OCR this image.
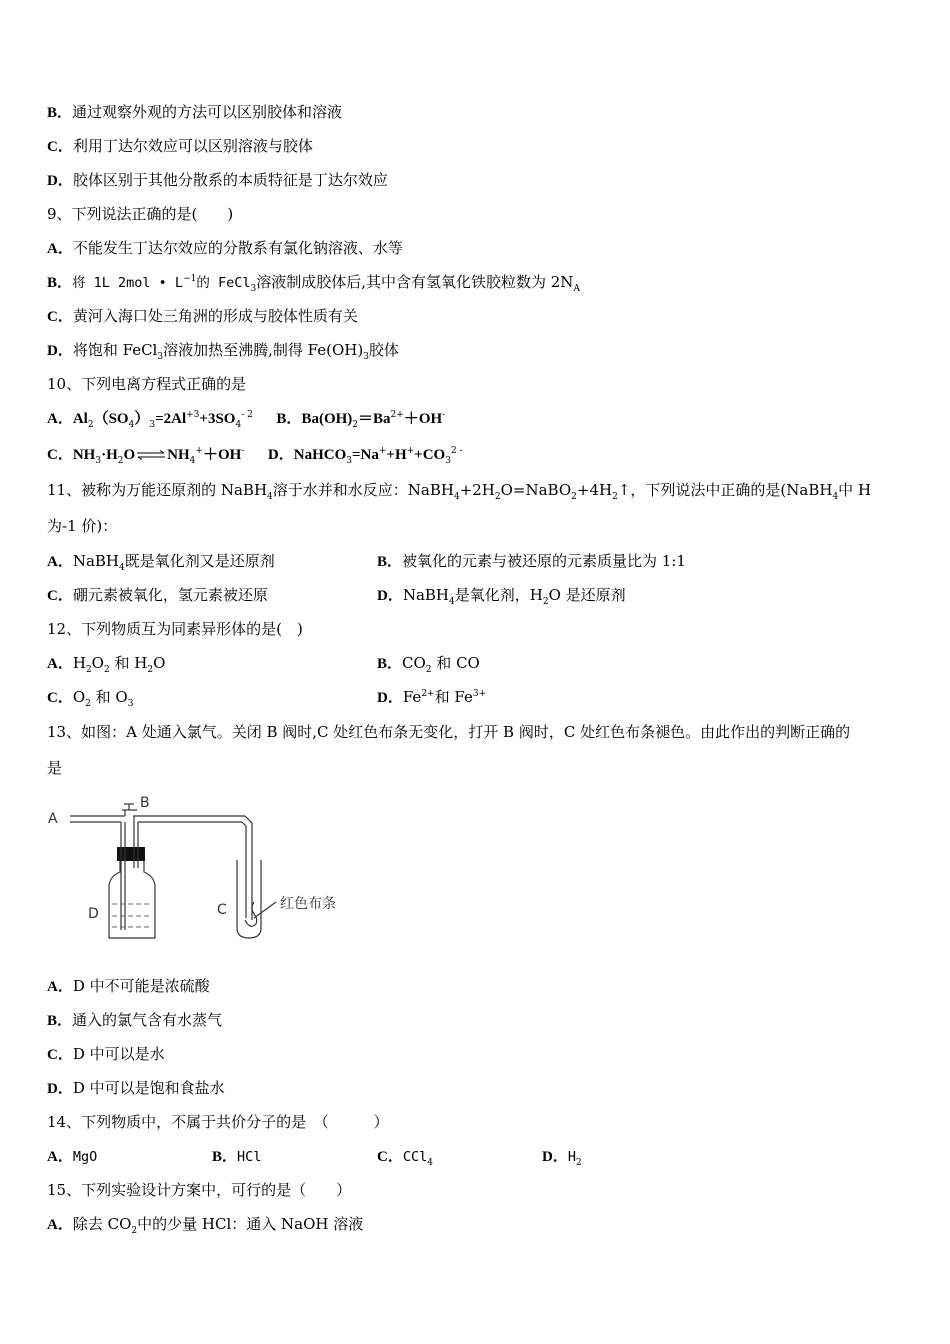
B．通过观察外观的方法可以区别胶体和溶液
C．利用丁达尔效应可以区别溶液与胶体
D．胶体区别于其他分散系的本质特征是丁达尔效应
9、下列说法正确的是(　　)
A．不能发生丁达尔效应的分散系有氯化钠溶液、水等
B．将 1L 2mol • $L^{-1}$的 FeCl$_3$溶液制成胶体后,其中含有氢氧化铁胶粒数为 $2N_A$
C．黄河入海口处三角洲的形成与胶体性质有关
D．将饱和 FeCl$_3$溶液加热至沸腾,制得 $Fe(OH)_3$胶体
10、下列电离方程式正确的是
A．$Al_2(SO_4)_3=2Al^{+3}+3SO_4^{- 2}$ B．$Ba(OH)_2=Ba^{2+}+OH^-$
C．$NH_3\cdot H_2O\rightleftharpoons NH_4^++OH^-$ D．$NaHCO_3=Na^++H^++CO_3^{2 -}$
11、被称为万能还原剂的 NaBH$_4$溶于水并和水反应：$NaBH_4+2H_2O=NaBO_2+4H_2↑$，下列说法中正确的是(NaBH$_4$中 H
为-1 价)：
A．NaBH$_4$既是氧化剂又是还原剂	B．被氧化的元素与被还原的元素质量比为 1:1
C．硼元素被氧化，氢元素被还原	D．NaBH$_4$是氧化剂，$H_2O$ 是还原剂
12、下列物质互为同素异形体的是(　)
A．$H_2O_2$ 和 $H_2O$	B．$CO_2$ 和 CO
C．$O_2$ 和 $O_3$	D．$Fe^{2+}$和 $Fe^{3+}$
13、如图：A 处通入氯气。关闭 B 阀时,C 处红色布条无变化，打开 B 阀时，C 处红色布条褪色。由此作出的判断正确的
是
A
B
D	C	红色布条
A．D 中不可能是浓硫酸
B．通入的氯气含有水蒸气
C．D 中可以是水
D．D 中可以是饱和食盐水
14、下列物质中，不属于共价分子的是　（　　　）
A．MgO	B．HCl	C．CCl$_4$	D．$H_2$
15、下列实验设计方案中，可行的是（　　）
A．除去 $CO_2$中的少量 HCl：通入 NaOH 溶液
